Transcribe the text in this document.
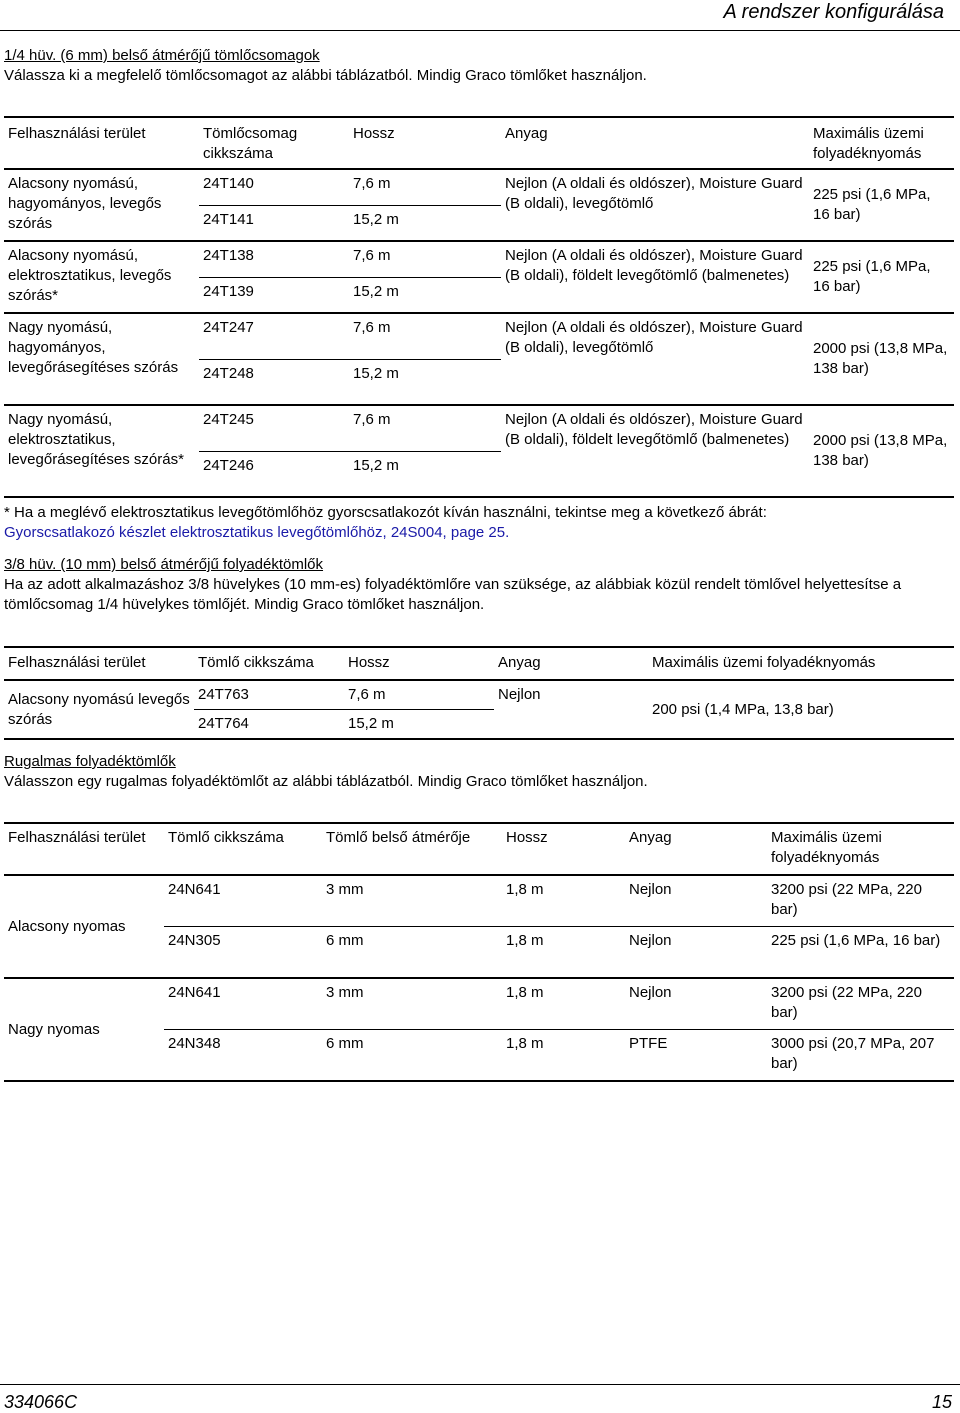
A rendszer konfigurálása
1/4 hüv. (6 mm) belső átmérőjű tömlőcsomagok
Válassza ki a megfelelő tömlőcsomagot az alábbi táblázatból. Mindig Graco tömlőket használjon.
Felhasználási terület	Tömlőcsomag cikkszáma	Hossz	Anyag	Maximális üzemi folyadéknyomás
Alacsony nyomású, hagyományos, levegős szórás	24T140	7,6 m	Nejlon (A oldali és oldószer), Moisture Guard (B oldali), levegőtömlő	225 psi (1,6 MPa, 16 bar)
	24T141	15,2 m		
Alacsony nyomású, elektrosztatikus, levegős szórás*	24T138	7,6 m	Nejlon (A oldali és oldószer), Moisture Guard (B oldali), földelt levegőtömlő (balmenetes)	225 psi (1,6 MPa, 16 bar)
	24T139	15,2 m		
Nagy nyomású, hagyományos, levegőrásegítéses szórás	24T247	7,6 m	Nejlon (A oldali és oldószer), Moisture Guard (B oldali), levegőtömlő	2000 psi (13,8 MPa, 138 bar)
	24T248	15,2 m		
Nagy nyomású, elektrosztatikus, levegőrásegítéses szórás*	24T245	7,6 m	Nejlon (A oldali és oldószer), Moisture Guard (B oldali), földelt levegőtömlő (balmenetes)	2000 psi (13,8 MPa, 138 bar)
	24T246	15,2 m		
* Ha a meglévő elektrosztatikus levegőtömlőhöz gyorscsatlakozót kíván használni, tekintse meg a következő ábrát:
Gyorscsatlakozó készlet elektrosztatikus levegőtömlőhöz, 24S004, page 25.
3/8 hüv. (10 mm) belső átmérőjű folyadéktömlők
Ha az adott alkalmazáshoz 3/8 hüvelykes (10 mm-es) folyadéktömlőre van szüksége, az alábbiak közül rendelt tömlővel helyettesítse a tömlőcsomag 1/4 hüvelykes tömlőjét. Mindig Graco tömlőket használjon.
Felhasználási terület	Tömlő cikkszáma	Hossz	Anyag	Maximális üzemi folyadéknyomás
Alacsony nyomású levegős szórás	24T763	7,6 m	Nejlon	200 psi (1,4 MPa, 13,8 bar)
	24T764	15,2 m		
Rugalmas folyadéktömlők
Válasszon egy rugalmas folyadéktömlőt az alábbi táblázatból. Mindig Graco tömlőket használjon.
Felhasználási terület	Tömlő cikkszáma	Tömlő belső átmérője	Hossz	Anyag	Maximális üzemi folyadéknyomás
Alacsony nyomas	24N641	3 mm	1,8 m	Nejlon	3200 psi (22 MPa, 220 bar)
	24N305	6 mm	1,8 m	Nejlon	225 psi (1,6 MPa, 16 bar)
Nagy nyomas	24N641	3 mm	1,8 m	Nejlon	3200 psi (22 MPa, 220 bar)
	24N348	6 mm	1,8 m	PTFE	3000 psi (20,7 MPa, 207 bar)
334066C	15
